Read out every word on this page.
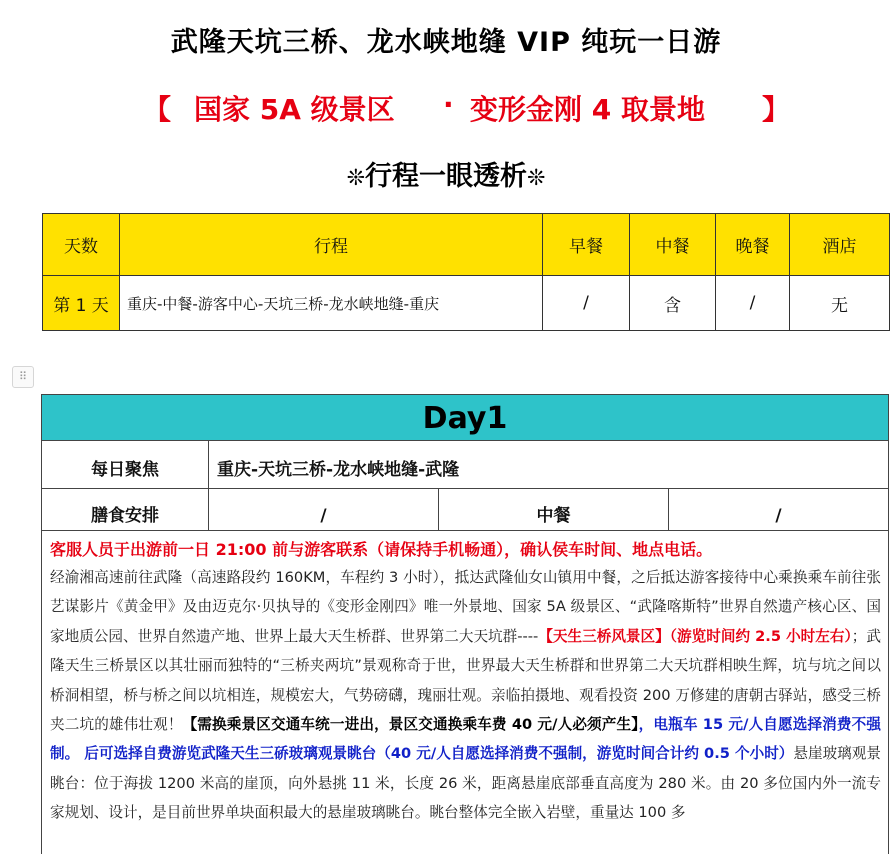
武隆天坑三桥、龙水峡地缝 VIP 纯玩一日游
【 国家 5A 级景区 · 变形金刚 4 取景地 】
❊行程一眼透析❊
天数	行程	早餐	中餐	晚餐	酒店
第 1 天	重庆-中餐-游客中心-天坑三桥-龙水峡地缝-重庆	/	含	/	无
⠿
Day1
每日聚焦	重庆-天坑三桥-龙水峡地缝-武隆
膳食安排	/	中餐	/
客服人员于出游前一日 21:00 前与游客联系（请保持手机畅通），确认侯车时间、地点电话。
经渝湘高速前往武隆（高速路段约 160KM，车程约 3 小时），抵达武隆仙女山镇用中餐，之后抵达游客接待中心乘换乘车前往张艺谋影片《黄金甲》及由迈克尔·贝执导的《变形金刚四》唯一外景地、国家 5A 级景区、“武隆喀斯特”世界自然遗产核心区、国家地质公园、世界自然遗产地、世界上最大天生桥群、世界第二大天坑群----【天生三桥风景区】（游览时间约 2.5 小时左右）；武隆天生三桥景区以其壮丽而独特的“三桥夹两坑”景观称奇于世，世界最大天生桥群和世界第二大天坑群相映生辉，坑与坑之间以桥洞相望，桥与桥之间以坑相连，规模宏大，气势磅礴，瑰丽壮观。亲临拍摄地、观看投资 200 万修建的唐朝古驿站，感受三桥夹二坑的雄伟壮观！【需换乘景区交通车统一进出，景区交通换乘车费 40 元/人必须产生】，电瓶车 15 元/人自愿选择消费不强制。 后可选择自费游览武隆天生三硚玻璃观景眺台（40 元/人自愿选择消费不强制，游览时间合计约 0.5 个小时）悬崖玻璃观景眺台：位于海拔 1200 米高的崖顶，向外悬挑 11 米，长度 26 米，距离悬崖底部垂直高度为 280 米。由 20 多位国内外一流专家规划、设计，是目前世界单块面积最大的悬崖玻璃眺台。眺台整体完全嵌入岩壁，重量达 100 多
